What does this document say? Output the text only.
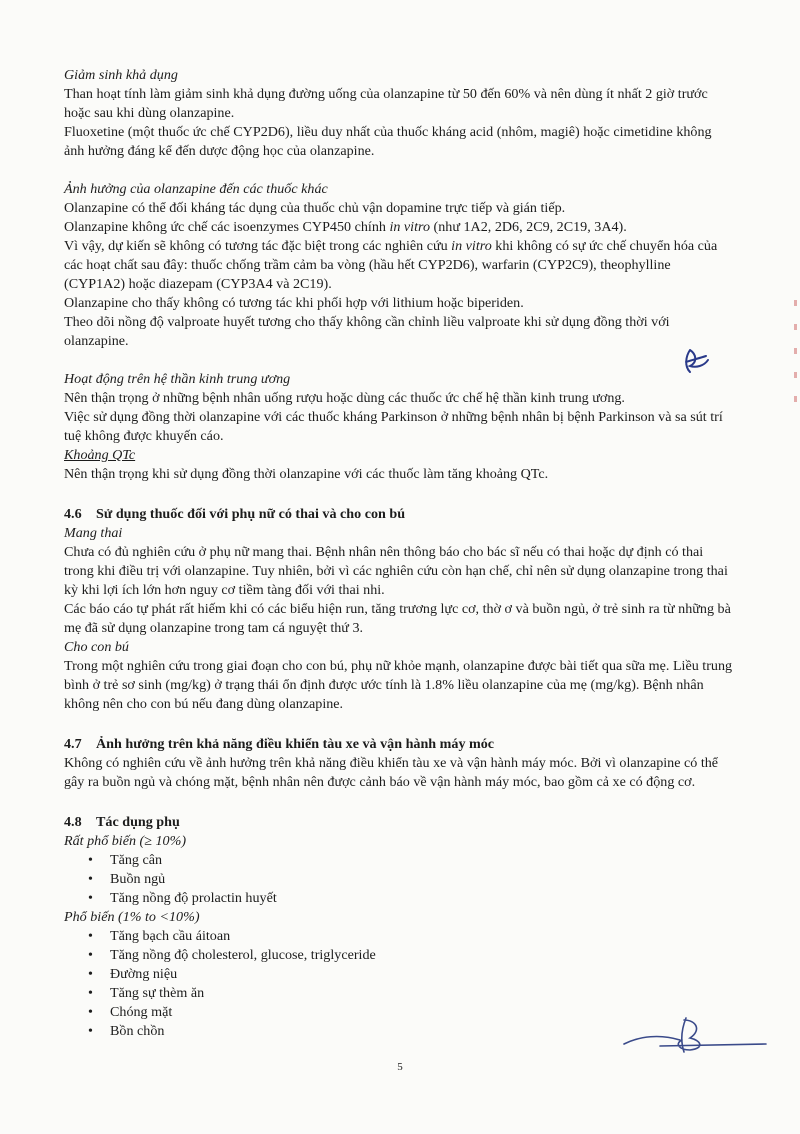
Giảm sinh khả dụng

Than hoạt tính làm giảm sinh khả dụng đường uống của olanzapine từ 50 đến 60% và nên dùng ít nhất 2 giờ trước hoặc sau khi dùng olanzapine.

Fluoxetine (một thuốc ức chế CYP2D6), liều duy nhất của thuốc kháng acid (nhôm, magiê) hoặc cimetidine không ảnh hưởng đáng kể đến dược động học của olanzapine.

Ảnh hưởng của olanzapine đến các thuốc khác

Olanzapine có thể đối kháng tác dụng của thuốc chủ vận dopamine trực tiếp và gián tiếp.

Olanzapine không ức chế các isoenzymes CYP450 chính in vitro (như 1A2, 2D6, 2C9, 2C19, 3A4).

Vì vậy, dự kiến sẽ không có tương tác đặc biệt trong các nghiên cứu in vitro khi không có sự ức chế chuyển hóa của các hoạt chất sau đây: thuốc chống trầm cảm ba vòng (hầu hết CYP2D6), warfarin (CYP2C9), theophylline (CYP1A2) hoặc diazepam (CYP3A4 và 2C19).

Olanzapine cho thấy không có tương tác khi phối hợp với lithium hoặc biperiden.

Theo dõi nồng độ valproate huyết tương cho thấy không cần chỉnh liều valproate khi sử dụng đồng thời với olanzapine.

Hoạt động trên hệ thần kinh trung ương

Nên thận trọng ở những bệnh nhân uống rượu hoặc dùng các thuốc ức chế hệ thần kinh trung ương.

Việc sử dụng đồng thời olanzapine với các thuốc kháng Parkinson ở những bệnh nhân bị bệnh Parkinson và sa sút trí tuệ không được khuyến cáo.

Khoảng QTc

Nên thận trọng khi sử dụng đồng thời olanzapine với các thuốc làm tăng khoảng QTc.

4.6 Sử dụng thuốc đối với phụ nữ có thai và cho con bú

Mang thai

Chưa có đủ nghiên cứu ở phụ nữ mang thai. Bệnh nhân nên thông báo cho bác sĩ nếu có thai hoặc dự định có thai trong khi điều trị với olanzapine. Tuy nhiên, bởi vì các nghiên cứu còn hạn chế, chỉ nên sử dụng olanzapine trong thai kỳ khi lợi ích lớn hơn nguy cơ tiềm tàng đối với thai nhi.

Các báo cáo tự phát rất hiếm khi có các biểu hiện run, tăng trương lực cơ, thờ ơ và buồn ngủ, ở trẻ sinh ra từ những bà mẹ đã sử dụng olanzapine trong tam cá nguyệt thứ 3.

Cho con bú

Trong một nghiên cứu trong giai đoạn cho con bú, phụ nữ khỏe mạnh, olanzapine được bài tiết qua sữa mẹ. Liều trung bình ở trẻ sơ sinh (mg/kg) ở trạng thái ổn định được ước tính là 1.8% liều olanzapine của mẹ (mg/kg). Bệnh nhân không nên cho con bú nếu đang dùng olanzapine.

4.7 Ảnh hưởng trên khả năng điều khiển tàu xe và vận hành máy móc

Không có nghiên cứu về ảnh hưởng trên khả năng điều khiển tàu xe và vận hành máy móc. Bởi vì olanzapine có thể gây ra buồn ngủ và chóng mặt, bệnh nhân nên được cảnh báo về vận hành máy móc, bao gồm cả xe có động cơ.

4.8 Tác dụng phụ

Rất phổ biến (≥ 10%)

• Tăng cân
• Buồn ngủ
• Tăng nồng độ prolactin huyết

Phổ biến (1% to <10%)

• Tăng bạch cầu áitoan
• Tăng nồng độ cholesterol, glucose, triglyceride
• Đường niệu
• Tăng sự thèm ăn
• Chóng mặt
• Bồn chồn
5
